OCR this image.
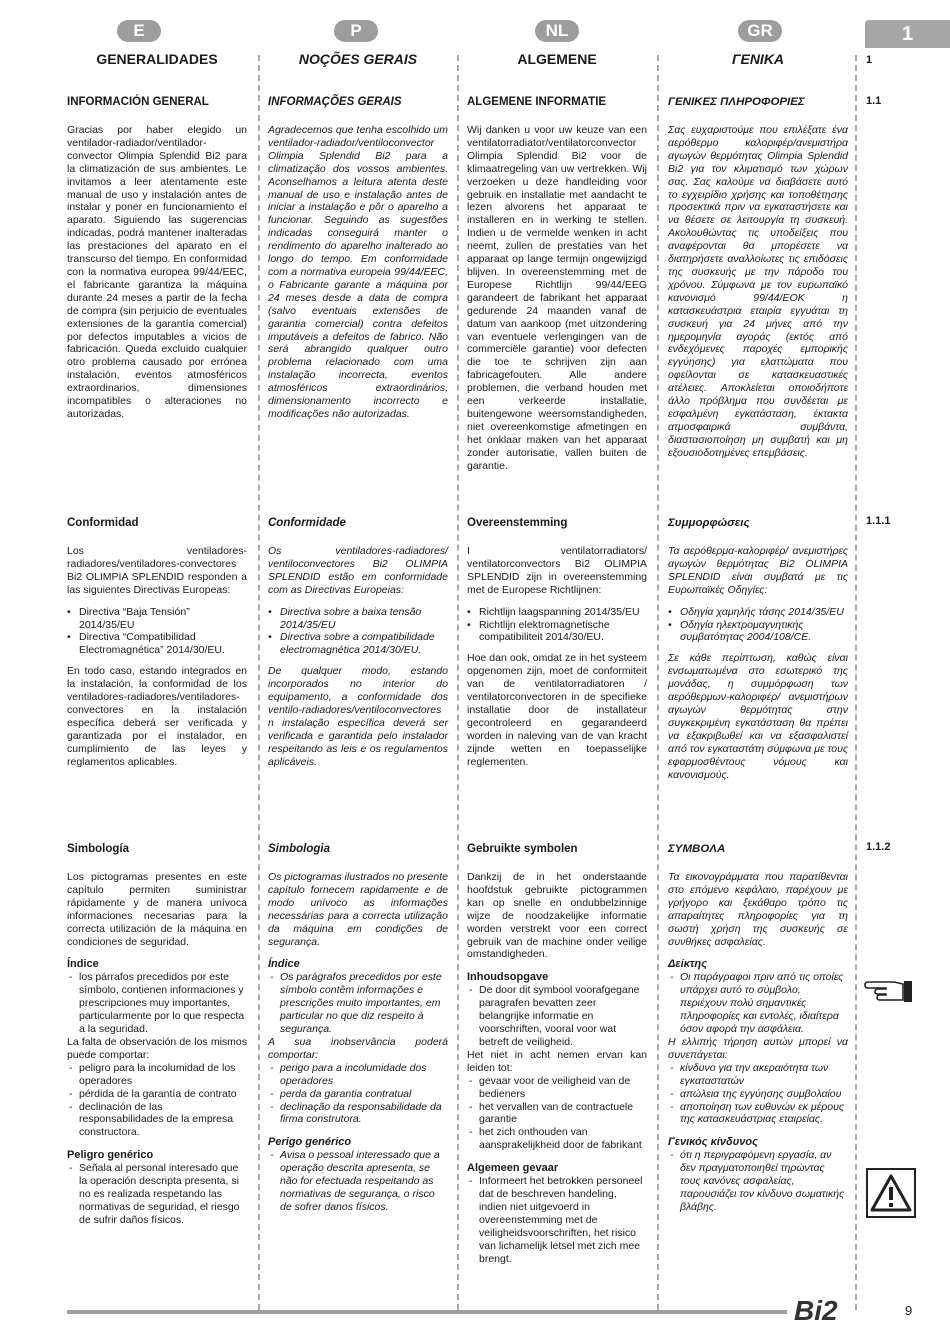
1
1
1.1
1.1.1
1.1.2
E
GENERALIDADES
INFORMACIÓN GENERAL

Gracias por haber elegido un ventilador-radiador/ventilador-convector Olimpia Splendid Bi2 para la climatización de sus ambientes. Le invitamos a leer atentamente este manual de uso y instalación antes de instalar y poner en funcionamiento el aparato. Siguiendo las sugerencias indicadas, podrá mantener inalteradas las prestaciones del aparato en el transcurso del tiempo. En conformidad con la normativa europea 99/44/EEC, el fabricante garantiza la máquina durante 24 meses a partir de la fecha de compra (sin perjuicio de eventuales extensiones de la garantía comercial) por defectos imputables a vicios de fabricación. Queda excluido cualquier otro problema causado por errónea instalación, eventos atmosféricos extraordinarios, dimensiones incompatibles o alteraciones no autorizadas.

Conformidad

Los ventiladores-radiadores/ventiladores-convectores Bi2 OLIMPIA SPLENDID responden a las siguientes Directivas Europeas:

• Directiva “Baja Tensión” 2014/35/EU
• Directiva “Compatibilidad Electromagnética” 2014/30/EU.

En todo caso, estando integrados en la instalación, la conformidad de los ventiladores-radiadores/ventiladores-convectores en la instalación específica deberá ser verificada y garantizada por el instalador, en cumplimiento de las leyes y reglamentos aplicables.

Simbología

Los pictogramas presentes en este capítulo permiten suministrar rápidamente y de manera unívoca informaciones necesarias para la correcta utilización de la máquina en condiciones de seguridad.

Índice
- los párrafos precedidos por este símbolo, contienen informaciones y prescripciones muy importantes, particularmente por lo que respecta a la seguridad.

La falta de observación de los mismos puede comportar:

- peligro para la incolumidad de los operadores
- pérdida de la garantía de contrato
- declinación de las responsabilidades de la empresa constructora.
Peligro genérico
- Señala al personal interesado que la operación descripta presenta, si no es realizada respetando las normativas de seguridad, el riesgo de sufrir daños físicos.
P
NOÇÕES GERAIS
INFORMAÇÕES GERAIS

Agradecemos que tenha escolhido um ventilador-radiador/ventiloconvector Olimpia Splendid Bi2 para a climatização dos vossos ambientes. Aconselhamos a leitura atenta deste manual de uso e instalação antes de iniciar a instalação e pôr o aparelho a funcionar. Seguindo as sugestões indicadas conseguirá manter o rendimento do aparelho inalterado ao longo do tempo. Em conformidade com a normativa europeia 99/44/EEC, o Fabricante garante a máquina por 24 meses desde a data de compra (salvo eventuais extensões de garantia comercial) contra defeitos imputáveis a defeitos de fabrico. Não será abrangido qualquer outro problema relacionado com uma instalação incorrecta, eventos atmosféricos extraordinários, dimensionamento incorrecto e modificações não autorizadas.

Conformidade

Os ventiladores-radiadores/ ventiloconvectores Bi2 OLIMPIA SPLENDID estão em conformidade com as Directivas Europeias:

• Directiva sobre a baixa tensão 2014/35/EU
• Directiva sobre a compatibilidade electromagnética 2014/30/EU.

De qualquer modo, estando incorporados no interior do equipamento, a conformidade dos ventilo-radiadores/ventiloconvectores n instalação específica deverá ser verificada e garantida pelo instalador respeitando as leis e os regulamentos aplicáveis.

Simbologia

Os pictogramas ilustrados no presente capítulo fornecem rapidamente e de modo unívoco as informações necessárias para a correcta utilização da máquina em condições de segurança.

Índice
- Os parágrafos precedidos por este símbolo contêm informações e prescrições muito importantes, em particular no que diz respeito à segurança.

A sua inobservância poderá comportar:

- perigo para a incolumidade dos operadores
- perda da garantia contratual
- declinação da responsabilidade da firma construtora.
Perigo genérico
- Avisa o pessoal interessado que a operação descrita apresenta, se não for efectuada respeitando as normativas de segurança, o risco de sofrer danos físicos.
NL
ALGEMENE
ALGEMENE INFORMATIE

Wij danken u voor uw keuze van een ventilatorradiator/ventilatorconvector Olimpia Splendid Bi2 voor de klimaatregeling van uw vertrekken. Wij verzoeken u deze handleiding voor gebruik en installatie met aandacht te lezen alvorens het apparaat te installeren en in werking te stellen. Indien u de vermelde wenken in acht neemt, zullen de prestaties van het apparaat op lange termijn ongewijzigd blijven. In overeenstemming met de Europese Richtlijn 99/44/EEG garandeert de fabrikant het apparaat gedurende 24 maanden vanaf de datum van aankoop (met uitzondering van eventuele verlengingen van de commerciële garantie) voor defecten die toe te schrijven zijn aan fabricagefouten. Alle andere problemen, die verband houden met een verkeerde installatie, buitengewone weersomstandigheden, niet overeenkomstige afmetingen en het onklaar maken van het apparaat zonder autorisatie, vallen buiten de garantie.

Overeenstemming

I ventilatorradiators/ ventilatorconvectors Bi2 OLIMPIA SPLENDID zijn in overeenstemming met de Europese Richtlijnen:

• Richtlijn laagspanning 2014/35/EU
• Richtlijn elektromagnetische compatibiliteit 2014/30/EU.

Hoe dan ook, omdat ze in het systeem opgenomen zijn, moet de conformiteit van de ventilatorradiatoren / ventilatorconvectoren in de specifieke installatie door de installateur gecontroleerd en gegarandeerd worden in naleving van de van kracht zijnde wetten en toepasselijke reglementen.

Gebruikte symbolen

Dankzij de in het onderstaande hoofdstuk gebruikte pictogrammen kan op snelle en ondubbelzinnige wijze de noodzakelijke informatie worden verstrekt voor een correct gebruik van de machine onder veilige omstandigheden.

Inhoudsopgave
- De door dit symbool voorafgegane paragrafen bevatten zeer belangrijke informatie en voorschriften, vooral voor wat betreft de veiligheid.

Het niet in acht nemen ervan kan leiden tot:

- gevaar voor de veiligheid van de bedieners
- het vervallen van de contractuele garantie
- het zich onthouden van aansprakelijkheid door de fabrikant
Algemeen gevaar
- Informeert het betrokken personeel dat de beschreven handeling, indien niet uitgevoerd in overeenstemming met de veiligheidsvoorschriften, het risico van lichamelijk letsel met zich mee brengt.
GR
ΓΕΝΙΚΑ
ΓΕΝΙΚΕΣ ΠΛΗΡΟΦΟΡΙΕΣ

Σας ευχαριστούμε που επιλέξατε ένα αερόθερμο καλοριφέρ/ανεμιστήρα αγωγών θερμότητας Olimpia Splendid Bi2 για τον κλιματισμό των χώρων σας. Σας καλούμε να διαβάσετε αυτό το εγχειρίδιο χρήσης και τοποθέτησης προσεκτικά πριν να εγκαταστήσετε και να θέσετε σε λειτουργία τη συσκευή. Ακολουθώντας τις υποδείξεις που αναφέρονται θα μπορέσετε να διατηρήσετε αναλλοίωτες τις επιδόσεις της συσκευής με την πάροδο του χρόνου. Σύμφωνα με τον ευρωπαϊκό κανονισμό 99/44/ΕΟΚ η κατασκευάστρια εταιρία εγγυάται τη συσκευή για 24 μήνες από την ημερομηνία αγοράς (εκτός από ενδεχόμενες παροχές εμπορικής εγγύησης) για ελαττώματα που οφείλονται σε κατασκευαστικές ατέλειες. Αποκλείεται οποιοδήποτε άλλο πρόβλημα που συνδέεται με εσφαλμένη εγκατάσταση, έκτακτα ατμοσφαιρικά συμβάντα, διαστασιοποίηση μη συμβατή και μη εξουσιοδοτημένες επεμβάσεις.

Συμμορφώσεις

Τα αερόθερμα-καλοριφέρ/ ανεμιστήρες αγωγών θερμότητας Bi2 OLIMPIA SPLENDID είναι συμβατά με τις Ευρωπαϊκές Οδηγίες:

• Οδηγία χαμηλής τάσης 2014/35/EU
• Οδηγία ηλεκτρομαγνητικής συμβατότητας 2004/108/CE.

Σε κάθε περίπτωση, καθώς είναι ενσωματωμένα στο εσωτερικό της μονάδας, η συμμόρφωση των αερόθερμων-καλοριφέρ/ ανεμιστήρων αγωγών θερμότητας στην συγκεκριμένη εγκατάσταση θα πρέπει να εξακριβωθεί και να εξασφαλιστεί από τον εγκαταστάτη σύμφωνα με τους εφαρμοσθέντους νόμους και κανονισμούς.

ΣΥΜΒΟΛΑ

Τα εικονογράμματα που παρατίθενται στο επόμενο κεφάλαιο, παρέχουν με γρήγορο και ξεκάθαρο τρόπο τις απαραίτητες πληροφορίες για τη σωστή χρήση της συσκευής σε συνθήκες ασφαλείας.

Δείκτης
- Οι παράγραφοι πριν από τις οποίες υπάρχει αυτό το σύμβολο, περιέχουν πολύ σημαντικές πληροφορίες και εντολές, ιδιαίτερα όσον αφορά την ασφάλεια.

Η ελλιπής τήρηση αυτών μπορεί να συνεπάγεται:

- κίνδυνο για την ακεραιότητα των εγκαταστατών
- απώλεια της εγγύησης συμβολαίου
- αποποίηση των ευθυνών εκ μέρους της κατασκευάστριας εταιρείας.
Γενικός κίνδυνος
- ότι η περιγραφόμενη εργασία, αν δεν πραγματοποιηθεί τηρώντας τους κανόνες ασφαλείας, παρουσιάζει τον κίνδυνο σωματικής βλάβης.
Bi2	9
